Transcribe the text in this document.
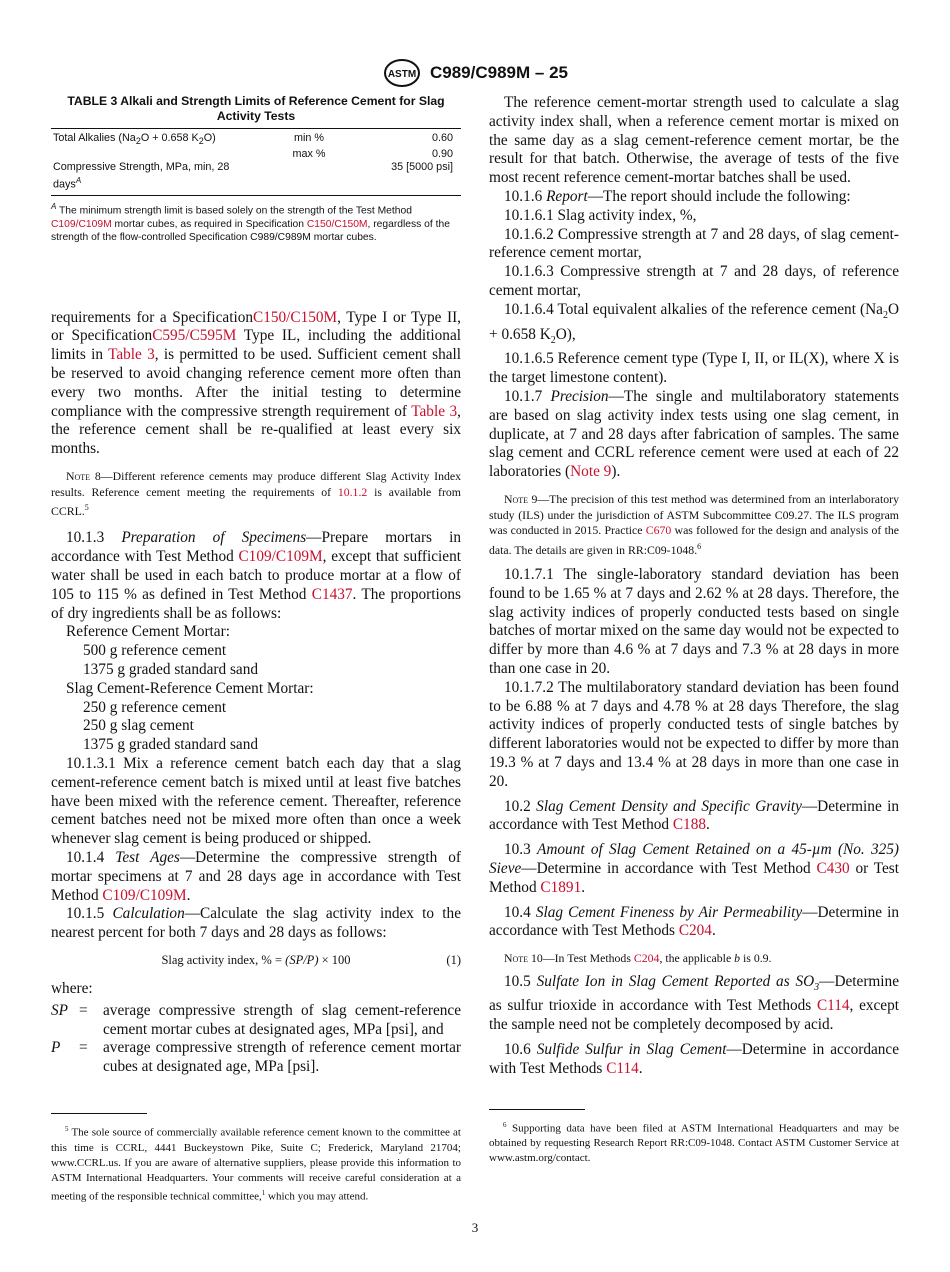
ASTM C989/C989M – 25

TABLE 3 Alkali and Strength Limits of Reference Cement for Slag Activity Tests

Total Alkalies ($Na_2O + 0.658$ $K_2O$)	min %	0.60
	max %	0.90
Compressive Strength, MPa, min, 28 days$^A$		35 [5000 psi]
$^A$ The minimum strength limit is based solely on the strength of the Test Method C109/C109M mortar cubes, as required in Specification C150/C150M, regardless of the strength of the flow-controlled Specification C989/C989M mortar cubes.

requirements for a SpecificationC150/C150M, Type I or Type II, or SpecificationC595/C595M Type IL, including the additional limits in Table 3, is permitted to be used. Sufficient cement shall be reserved to avoid changing reference cement more often than every two months. After the initial testing to determine compliance with the compressive strength requirement of Table 3, the reference cement shall be re-qualified at least every six months.

Note 8—Different reference cements may produce different Slag Activity Index results. Reference cement meeting the requirements of 10.1.2 is available from CCRL.$^5$

10.1.3 Preparation of Specimens—Prepare mortars in accordance with Test Method C109/C109M, except that sufficient water shall be used in each batch to produce mortar at a flow of 105 to 115 % as defined in Test Method C1437. The proportions of dry ingredients shall be as follows:

Reference Cement Mortar:
500 g reference cement
1375 g graded standard sand
Slag Cement-Reference Cement Mortar:
250 g reference cement
250 g slag cement
1375 g graded standard sand

10.1.3.1 Mix a reference cement batch each day that a slag cement-reference cement batch is mixed until at least five batches have been mixed with the reference cement. Thereafter, reference cement batches need not be mixed more often than once a week whenever slag cement is being produced or shipped.

10.1.4 Test Ages—Determine the compressive strength of mortar specimens at 7 and 28 days age in accordance with Test Method C109/C109M.

10.1.5 Calculation—Calculate the slag activity index to the nearest percent for both 7 days and 28 days as follows:

Slag activity index, % = (SP/P) × 100	(1)
where:
SP =	average compressive strength of slag cement-reference cement mortar cubes at designated ages, MPa [psi], and
P	=	average compressive strength of reference cement mortar cubes at designated age, MPa [psi].

$^5$ The sole source of commercially available reference cement known to the committee at this time is CCRL, 4441 Buckeystown Pike, Suite C; Frederick, Maryland 21704; www.CCRL.us. If you are aware of alternative suppliers, please provide this information to ASTM International Headquarters. Your comments will receive careful consideration at a meeting of the responsible technical committee,$^1$ which you may attend.

The reference cement-mortar strength used to calculate a slag activity index shall, when a reference cement mortar is mixed on the same day as a slag cement-reference cement mortar, be the result for that batch. Otherwise, the average of tests of the five most recent reference cement-mortar batches shall be used.

10.1.6 Report—The report should include the following:

10.1.6.1 Slag activity index, %,

10.1.6.2 Compressive strength at 7 and 28 days, of slag cement-reference cement mortar,

10.1.6.3 Compressive strength at 7 and 28 days, of reference cement mortar,

10.1.6.4 Total equivalent alkalies of the reference cement ($Na_2O + 0.658$ $K_2O$),

10.1.6.5 Reference cement type (Type I, II, or IL(X), where X is the target limestone content).

10.1.7 Precision—The single and multilaboratory statements are based on slag activity index tests using one slag cement, in duplicate, at 7 and 28 days after fabrication of samples. The same slag cement and CCRL reference cement were used at each of 22 laboratories (Note 9).

Note 9—The precision of this test method was determined from an interlaboratory study (ILS) under the jurisdiction of ASTM Subcommittee C09.27. The ILS program was conducted in 2015. Practice C670 was followed for the design and analysis of the data. The details are given in RR:C09-1048.$^6$

10.1.7.1 The single-laboratory standard deviation has been found to be 1.65 % at 7 days and 2.62 % at 28 days. Therefore, the slag activity indices of properly conducted tests based on single batches of mortar mixed on the same day would not be expected to differ by more than 4.6 % at 7 days and 7.3 % at 28 days in more than one case in 20.

10.1.7.2 The multilaboratory standard deviation has been found to be 6.88 % at 7 days and 4.78 % at 28 days Therefore, the slag activity indices of properly conducted tests of single batches by different laboratories would not be expected to differ by more than 19.3 % at 7 days and 13.4 % at 28 days in more than one case in 20.

10.2 Slag Cement Density and Specific Gravity—Determine in accordance with Test Method C188.

10.3 Amount of Slag Cement Retained on a 45-µm (No. 325) Sieve—Determine in accordance with Test Method C430 or Test Method C1891.

10.4 Slag Cement Fineness by Air Permeability—Determine in accordance with Test Methods C204.

Note 10—In Test Methods C204, the applicable b is 0.9.

10.5 Sulfate Ion in Slag Cement Reported as $SO_3—Determine$ as sulfur trioxide in accordance with Test Methods C114, except the sample need not be completely decomposed by acid.

10.6 Sulfide Sulfur in Slag Cement—Determine in accordance with Test Methods C114.

$^6$ Supporting data have been filed at ASTM International Headquarters and may be obtained by requesting Research Report RR:C09-1048. Contact ASTM Customer Service at www.astm.org/contact.

3
